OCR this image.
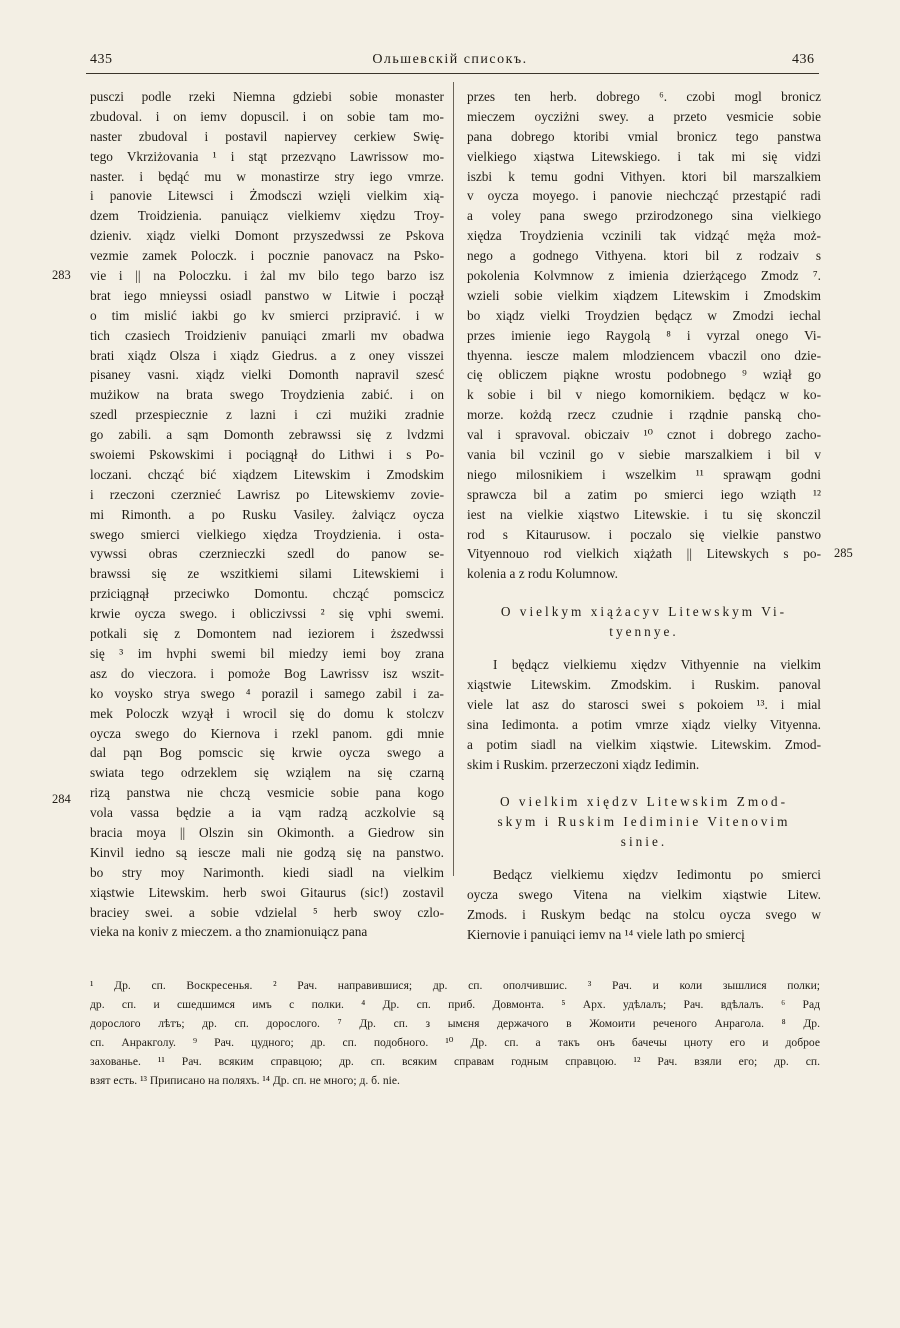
435	Ольшевскій списокъ.	436
283
284
285
pusczi podle rzeki Niemna gdziebi sobie monaster
zbudoval. i on iemv dopuscil. i on sobie tam mo-
naster zbudoval i postavil napiervey cerkiew Swię-
tego Vkrziżovania ¹ i stąt przezvąno Lawrissow mo-
naster. i będąć mu w monastirze stry iego vmrze.
i panovie Litewsci i Żmodsczi wzięli vielkim xią-
dzem Troidzienia. panuiącz vielkiemv xiędzu Troy-
dzieniv. xiądz vielki Domont przyszedwssi ze Pskova
vezmie zamek Poloczk. i pocznie panovacz na Psko-
vie i || na Poloczku. i żal mv bilo tego barzo isz
brat iego mnieyssi osiadl panstwo w Litwie i począł
o tim mislić iakbi go kv smierci przipravić. i w
tich czasiech Troidzieniv panuiąci zmarli mv obadwa
brati xiądz Olsza i xiądz Giedrus. a z oney visszei
pisaney vasni. xiądz vielki Domonth napravil szesć
mużikow na brata swego Troydzienia zabić. i on
szedl przespiecznie z lazni i czi mużiki zradnie
go zabili. a sąm Domonth zebrawssi się z lvdzmi
swoiemi Pskowskimi i pociągnął do Lithwi i s Po-
loczani. chcząć bić xiądzem Litewskim i Zmodskim
i rzeczoni czerznieć Lawrisz po Litewskiemv zovie-
mi Rimonth. a po Rusku Vasiley. żalviącz oycza
swego smierci vielkiego xiędza Troydzienia. i osta-
vywssi obras czerznieczki szedl do panow se-
brawssi się ze wszitkiemi silami Litewskiemi i
prziciągnął przeciwko Domontu. chcząć pomscicz
krwie oycza swego. i obliczivssi ² się vphi swemi.
potkali się z Domontem nad ieziorem i ższedwssi
się ³ im hvphi swemi bil miedzy iemi boy zrana
asz do vieczora. i pomoże Bog Lawrissv isz wszit-
ko voysko strya swego ⁴ porazil i samego zabil i za-
mek Poloczk wzyął i wrocil się do domu k stolczv
oycza swego do Kiernova i rzekl panom. gdi mnie
dal pąn Bog pomscic się krwie oycza swego a
swiata tego odrzeklem się wziąlem na się czarną
rizą panstwa nie chczą vesmicie sobie pana kogo
vola vassa będzie a ia vąm radzą aczkolvie są
bracia moya || Olszin sin Okimonth. a Giedrow sin
Kinvil iedno są iescze mali nie godzą się na panstwo.
bo stry moy Narimonth. kiedi siadl na vielkim
xiąstwie Litewskim. herb swoi Gitaurus (sic!) zostavil
braciey swei. a sobie vdzielal ⁵ herb swoy czlo-
vieka na koniv z mieczem. a tho znamionuiącz pana
przes ten herb. dobrego ⁶. czobi mogl bronicz
mieczem oycziżni swey. a przeto vesmicie sobie
pana dobrego ktoribi vmial bronicz tego panstwa
vielkiego xiąstwa Litewskiego. i tak mi się vidzi
iszbi k temu godni Vithyen. ktori bil marszalkiem
v oycza moyego. i panovie niechcząć przestąpić radi
a voley pana swego przirodzonego sina vielkiego
xiędza Troydzienia vczinili tak vidząć męża moż-
nego a godnego Vithyena. ktori bil z rodzaiv s
pokolenia Kolvmnow z imienia dzierżącego Zmodz ⁷.
wzieli sobie vielkim xiądzem Litewskim i Zmodskim
bo xiądz vielki Troydzien będącz w Zmodzi iechal
przes imienie iego Raygolą ⁸ i vyrzal onego Vi-
thyenna. iescze malem mlodziencem vbaczil ono dzie-
cię obliczem piąkne wrostu podobnego ⁹ wziął go
k sobie i bil v niego komornikiem. będącz w ko-
morze. kożdą rzecz czudnie i rządnie panską cho-
val i spravoval. obiczaiv ¹⁰ cznot i dobrego zacho-
vania bil vczinil go v siebie marszalkiem i bil v
niego milosnikiem i wszelkim ¹¹ sprawąm godni
sprawcza bil a zatim po smierci iego wziąth ¹²
iest na vielkie xiąstwo Litewskie. i tu się skonczil
rod s Kitaurusow. i poczalo się vielkie panstwo
Vityennouo rod vielkich xiążath || Litewskych s po-
kolenia a z rodu Kolumnow.
O vielkym xiążacyv Litewskym Vi-
tyennye.
I będącz vielkiemu xiędzv Vithyennie na vielkim
xiąstwie Litewskim. Zmodskim. i Ruskim. panoval
viele lat asz do starosci swei s pokoiem ¹³. i mial
sina Iedimonta. a potim vmrze xiądz vielky Vityenna.
a potim siadl na vielkim xiąstwie. Litewskim. Zmod-
skim i Ruskim. przerzeczoni xiądz Iedimin.
O vielkim xiędzv Litewskim Zmod-
skym i Ruskim Iediminie Vitenovim
sinie.
Bedącz vielkiemu xiędzv Iedimontu po smierci
oycza swego Vitena na vielkim xiąstwie Litew.
Zmods. i Ruskym bedąc na stolcu oycza svego w
Kiernovie i panuiąci iemv na ¹⁴ viele lath po smiercį
¹ Др. сп. Воскресенья. ² Рач. направившися; др. сп. ополчившис. ³ Рач. и коли зышлися полки;
др. сп. и сшедшимся имъ с полки. ⁴ Др. сп. приб. Довмонта. ⁵ Арх. удѣлалъ; Рач. вдѣлалъ. ⁶ Рад
дорослого лѣтъ; др. сп. дорослого. ⁷ Др. сп. з ымєня держачого в Жомоити реченого Анрагола. ⁸ Др.
сп. Анракголу. ⁹ Рач. цудного; др. сп. подобного. ¹⁰ Др. сп. а такъ онъ бачечы цноту его и доброе
захованье. ¹¹ Рач. всяким справцою; др. сп. всяким справам годным справцою. ¹² Рач. взяли его; др. сп.
взят есть. ¹³ Приписано на поляхъ. ¹⁴ Др. сп. не много; д. б. nie.
